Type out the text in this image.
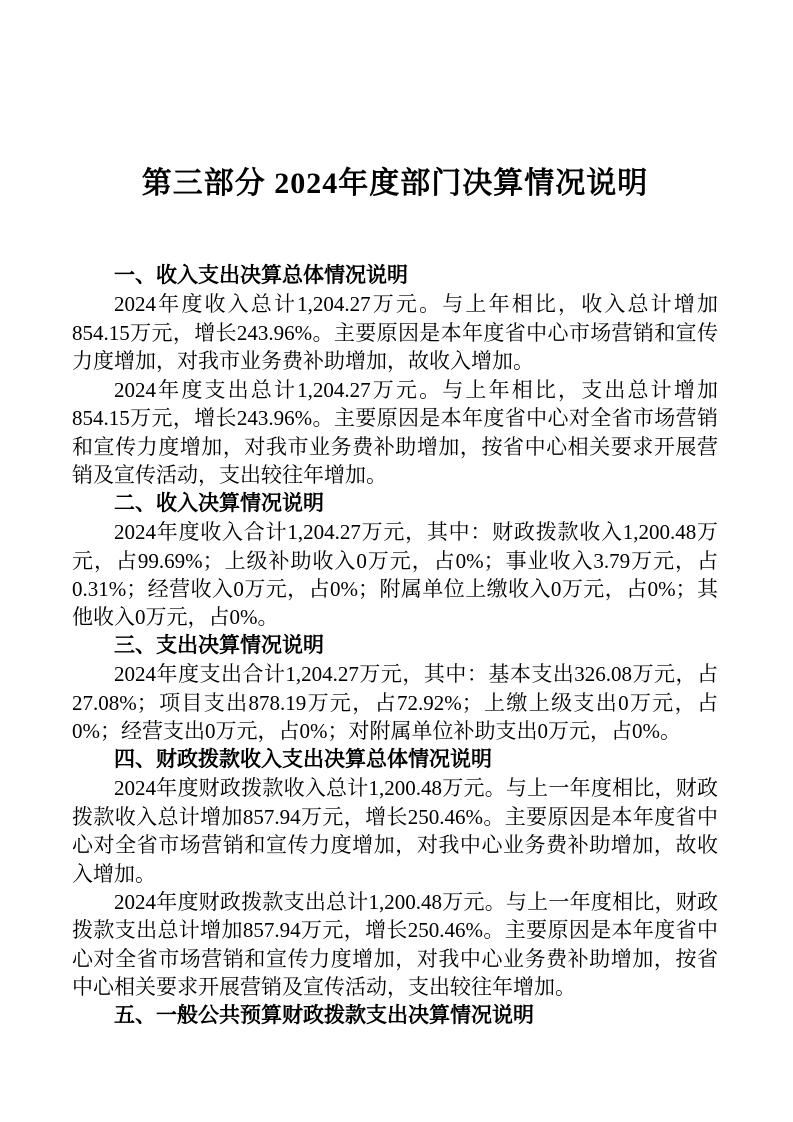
第三部分 2024年度部门决算情况说明
一、收入支出决算总体情况说明

2024年度收入总计1,204.27万元。与上年相比，收入总计增加854.15万元，增长243.96%。主要原因是本年度省中心市场营销和宣传力度增加，对我市业务费补助增加，故收入增加。

2024年度支出总计1,204.27万元。与上年相比，支出总计增加854.15万元，增长243.96%。主要原因是本年度省中心对全省市场营销和宣传力度增加，对我市业务费补助增加，按省中心相关要求开展营销及宣传活动，支出较往年增加。

二、收入决算情况说明

2024年度收入合计1,204.27万元，其中：财政拨款收入1,200.48万元，占99.69%；上级补助收入0万元，占0%；事业收入3.79万元，占0.31%；经营收入0万元，占0%；附属单位上缴收入0万元，占0%；其他收入0万元，占0%。

三、支出决算情况说明

2024年度支出合计1,204.27万元，其中：基本支出326.08万元，占27.08%；项目支出878.19万元，占72.92%；上缴上级支出0万元，占0%；经营支出0万元，占0%；对附属单位补助支出0万元，占0%。

四、财政拨款收入支出决算总体情况说明

2024年度财政拨款收入总计1,200.48万元。与上一年度相比，财政拨款收入总计增加857.94万元，增长250.46%。主要原因是本年度省中心对全省市场营销和宣传力度增加，对我中心业务费补助增加，故收入增加。

2024年度财政拨款支出总计1,200.48万元。与上一年度相比，财政拨款支出总计增加857.94万元，增长250.46%。主要原因是本年度省中心对全省市场营销和宣传力度增加，对我中心业务费补助增加，按省中心相关要求开展营销及宣传活动，支出较往年增加。

五、一般公共预算财政拨款支出决算情况说明
